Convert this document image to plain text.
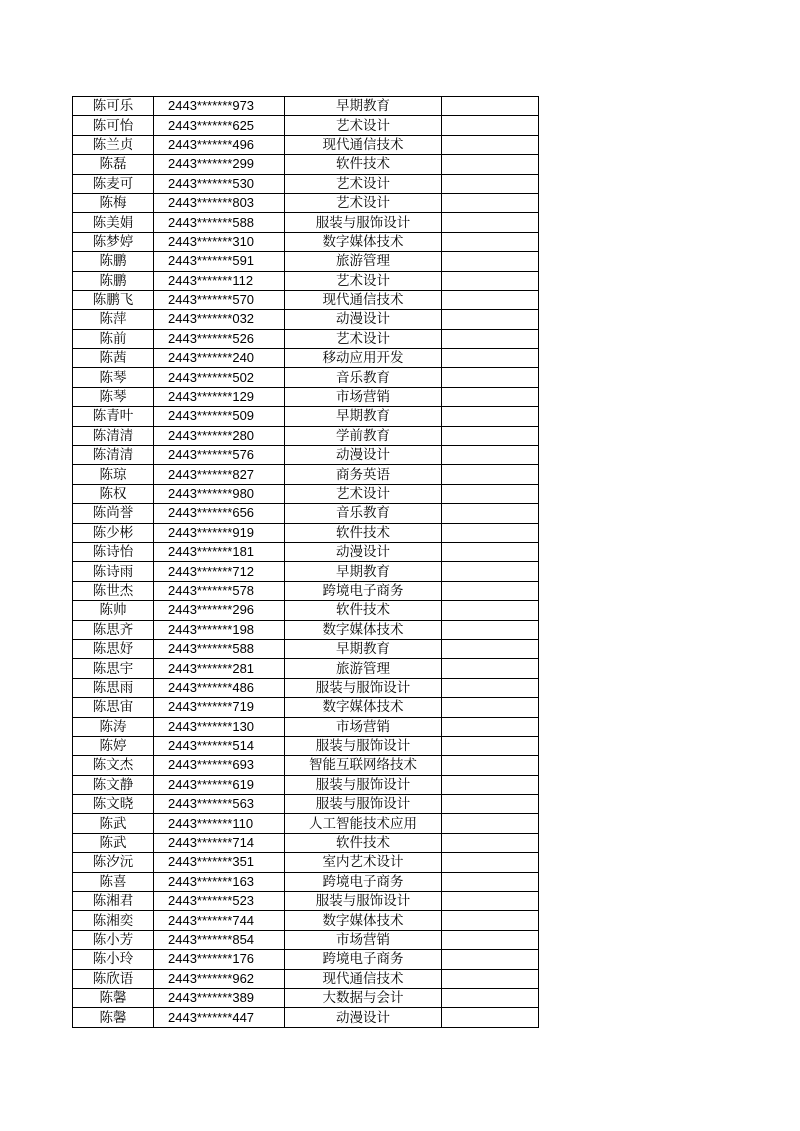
陈可乐	2443*******973	早期教育	
陈可怡	2443*******625	艺术设计	
陈兰贞	2443*******496	现代通信技术	
陈磊	2443*******299	软件技术	
陈麦可	2443*******530	艺术设计	
陈梅	2443*******803	艺术设计	
陈美娟	2443*******588	服装与服饰设计	
陈梦婷	2443*******310	数字媒体技术	
陈鹏	2443*******591	旅游管理	
陈鹏	2443*******112	艺术设计	
陈鹏飞	2443*******570	现代通信技术	
陈萍	2443*******032	动漫设计	
陈前	2443*******526	艺术设计	
陈茜	2443*******240	移动应用开发	
陈琴	2443*******502	音乐教育	
陈琴	2443*******129	市场营销	
陈青叶	2443*******509	早期教育	
陈清清	2443*******280	学前教育	
陈清清	2443*******576	动漫设计	
陈琼	2443*******827	商务英语	
陈权	2443*******980	艺术设计	
陈尚誉	2443*******656	音乐教育	
陈少彬	2443*******919	软件技术	
陈诗怡	2443*******181	动漫设计	
陈诗雨	2443*******712	早期教育	
陈世杰	2443*******578	跨境电子商务	
陈帅	2443*******296	软件技术	
陈思齐	2443*******198	数字媒体技术	
陈思妤	2443*******588	早期教育	
陈思宇	2443*******281	旅游管理	
陈思雨	2443*******486	服装与服饰设计	
陈思宙	2443*******719	数字媒体技术	
陈涛	2443*******130	市场营销	
陈婷	2443*******514	服装与服饰设计	
陈文杰	2443*******693	智能互联网络技术	
陈文静	2443*******619	服装与服饰设计	
陈文晓	2443*******563	服装与服饰设计	
陈武	2443*******110	人工智能技术应用	
陈武	2443*******714	软件技术	
陈汐沅	2443*******351	室内艺术设计	
陈喜	2443*******163	跨境电子商务	
陈湘君	2443*******523	服装与服饰设计	
陈湘奕	2443*******744	数字媒体技术	
陈小芳	2443*******854	市场营销	
陈小玲	2443*******176	跨境电子商务	
陈欣语	2443*******962	现代通信技术	
陈馨	2443*******389	大数据与会计	
陈馨	2443*******447	动漫设计	
